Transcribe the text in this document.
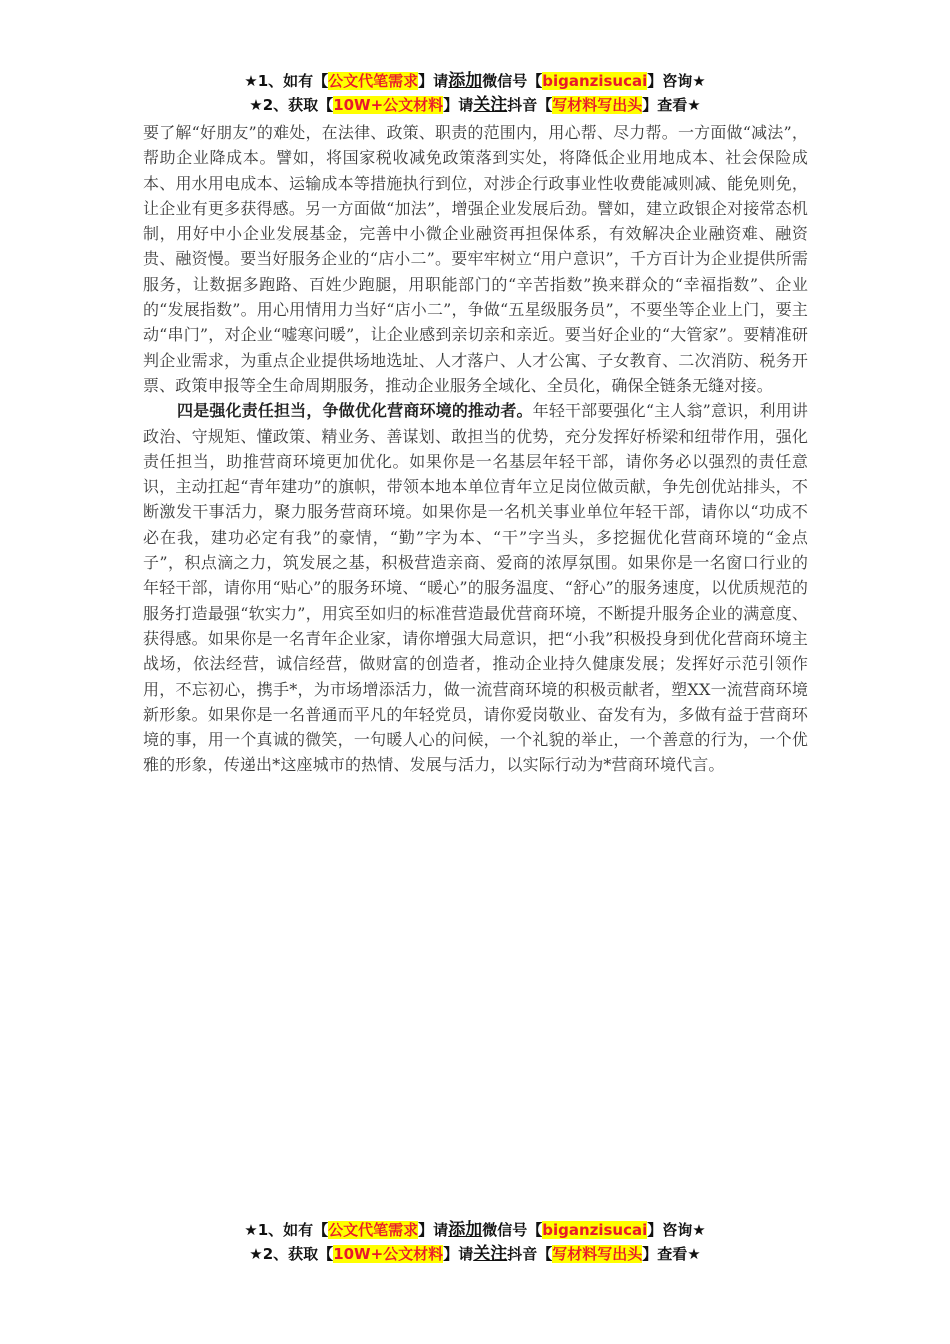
★1、如有【公文代笔需求】请添加微信号【biganzisucai】咨询★
★2、获取【10W+公文材料】请关注抖音【写材料写出头】查看★

要了解“好朋友”的难处，在法律、政策、职责的范围内，用心帮、尽力帮。一方面做“减法”，帮助企业降成本。譬如，将国家税收减免政策落到实处，将降低企业用地成本、社会保险成本、用水用电成本、运输成本等措施执行到位，对涉企行政事业性收费能减则减、能免则免，让企业有更多获得感。另一方面做“加法”，增强企业发展后劲。譬如，建立政银企对接常态机制，用好中小企业发展基金，完善中小微企业融资再担保体系，有效解决企业融资难、融资贵、融资慢。要当好服务企业的“店小二”。要牢牢树立“用户意识”，千方百计为企业提供所需服务，让数据多跑路、百姓少跑腿，用职能部门的“辛苦指数”换来群众的“幸福指数”、企业的“发展指数”。用心用情用力当好“店小二”，争做“五星级服务员”，不要坐等企业上门，要主动“串门”，对企业“嘘寒问暖”，让企业感到亲切亲和亲近。要当好企业的“大管家”。要精准研判企业需求，为重点企业提供场地选址、人才落户、人才公寓、子女教育、二次消防、税务开票、政策申报等全生命周期服务，推动企业服务全域化、全员化，确保全链条无缝对接。

四是强化责任担当，争做优化营商环境的推动者。年轻干部要强化“主人翁”意识，利用讲政治、守规矩、懂政策、精业务、善谋划、敢担当的优势，充分发挥好桥梁和纽带作用，强化责任担当，助推营商环境更加优化。如果你是一名基层年轻干部，请你务必以强烈的责任意识，主动扛起“青年建功”的旗帜，带领本地本单位青年立足岗位做贡献，争先创优站排头，不断激发干事活力，聚力服务营商环境。如果你是一名机关事业单位年轻干部，请你以“功成不必在我，建功必定有我”的豪情，“勤”字为本、“干”字当头，多挖掘优化营商环境的“金点子”，积点滴之力，筑发展之基，积极营造亲商、爱商的浓厚氛围。如果你是一名窗口行业的年轻干部，请你用“贴心”的服务环境、“暖心”的服务温度、“舒心”的服务速度，以优质规范的服务打造最强“软实力”，用宾至如归的标准营造最优营商环境，不断提升服务企业的满意度、获得感。如果你是一名青年企业家，请你增强大局意识，把“小我”积极投身到优化营商环境主战场，依法经营，诚信经营，做财富的创造者，推动企业持久健康发展；发挥好示范引领作用，不忘初心，携手*，为市场增添活力，做一流营商环境的积极贡献者，塑XX一流营商环境新形象。如果你是一名普通而平凡的年轻党员，请你爱岗敬业、奋发有为，多做有益于营商环境的事，用一个真诚的微笑，一句暖人心的问候，一个礼貌的举止，一个善意的行为，一个优雅的形象，传递出*这座城市的热情、发展与活力，以实际行动为*营商环境代言。

★1、如有【公文代笔需求】请添加微信号【biganzisucai】咨询★
★2、获取【10W+公文材料】请关注抖音【写材料写出头】查看★
